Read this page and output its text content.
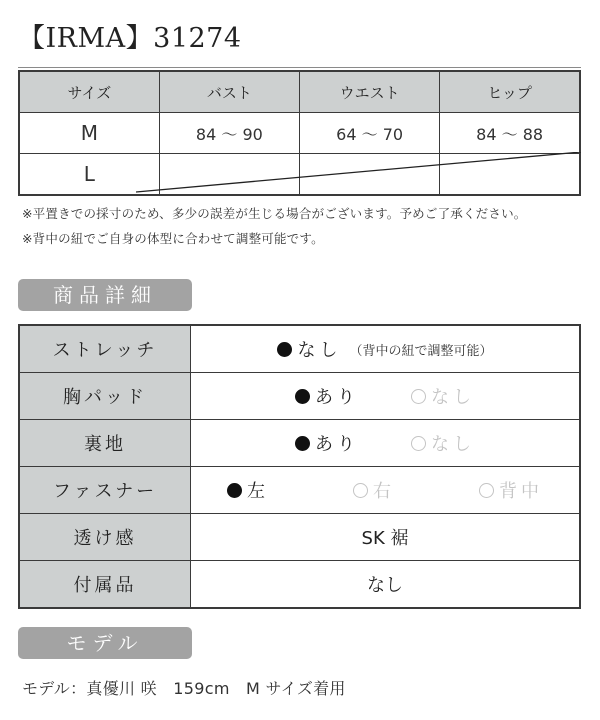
【IRMA】31274
サイズ	バスト	ウエスト	ヒップ
M	84 ～ 90	64 ～ 70	84 ～ 88
L			
※平置きでの採寸のため、多少の誤差が生じる場合がございます。予めご了承ください。
※背中の紐でご自身の体型に合わせて調整可能です。
商品詳細
ストレッチ	なし （背中の紐で調整可能）

胸パッド	あり なし

裏地	あり なし

ファスナー	左 右 背中

透け感	SK 裾
付属品	なし
モデル
モデル：真優川 咲　159cm　M サイズ着用
